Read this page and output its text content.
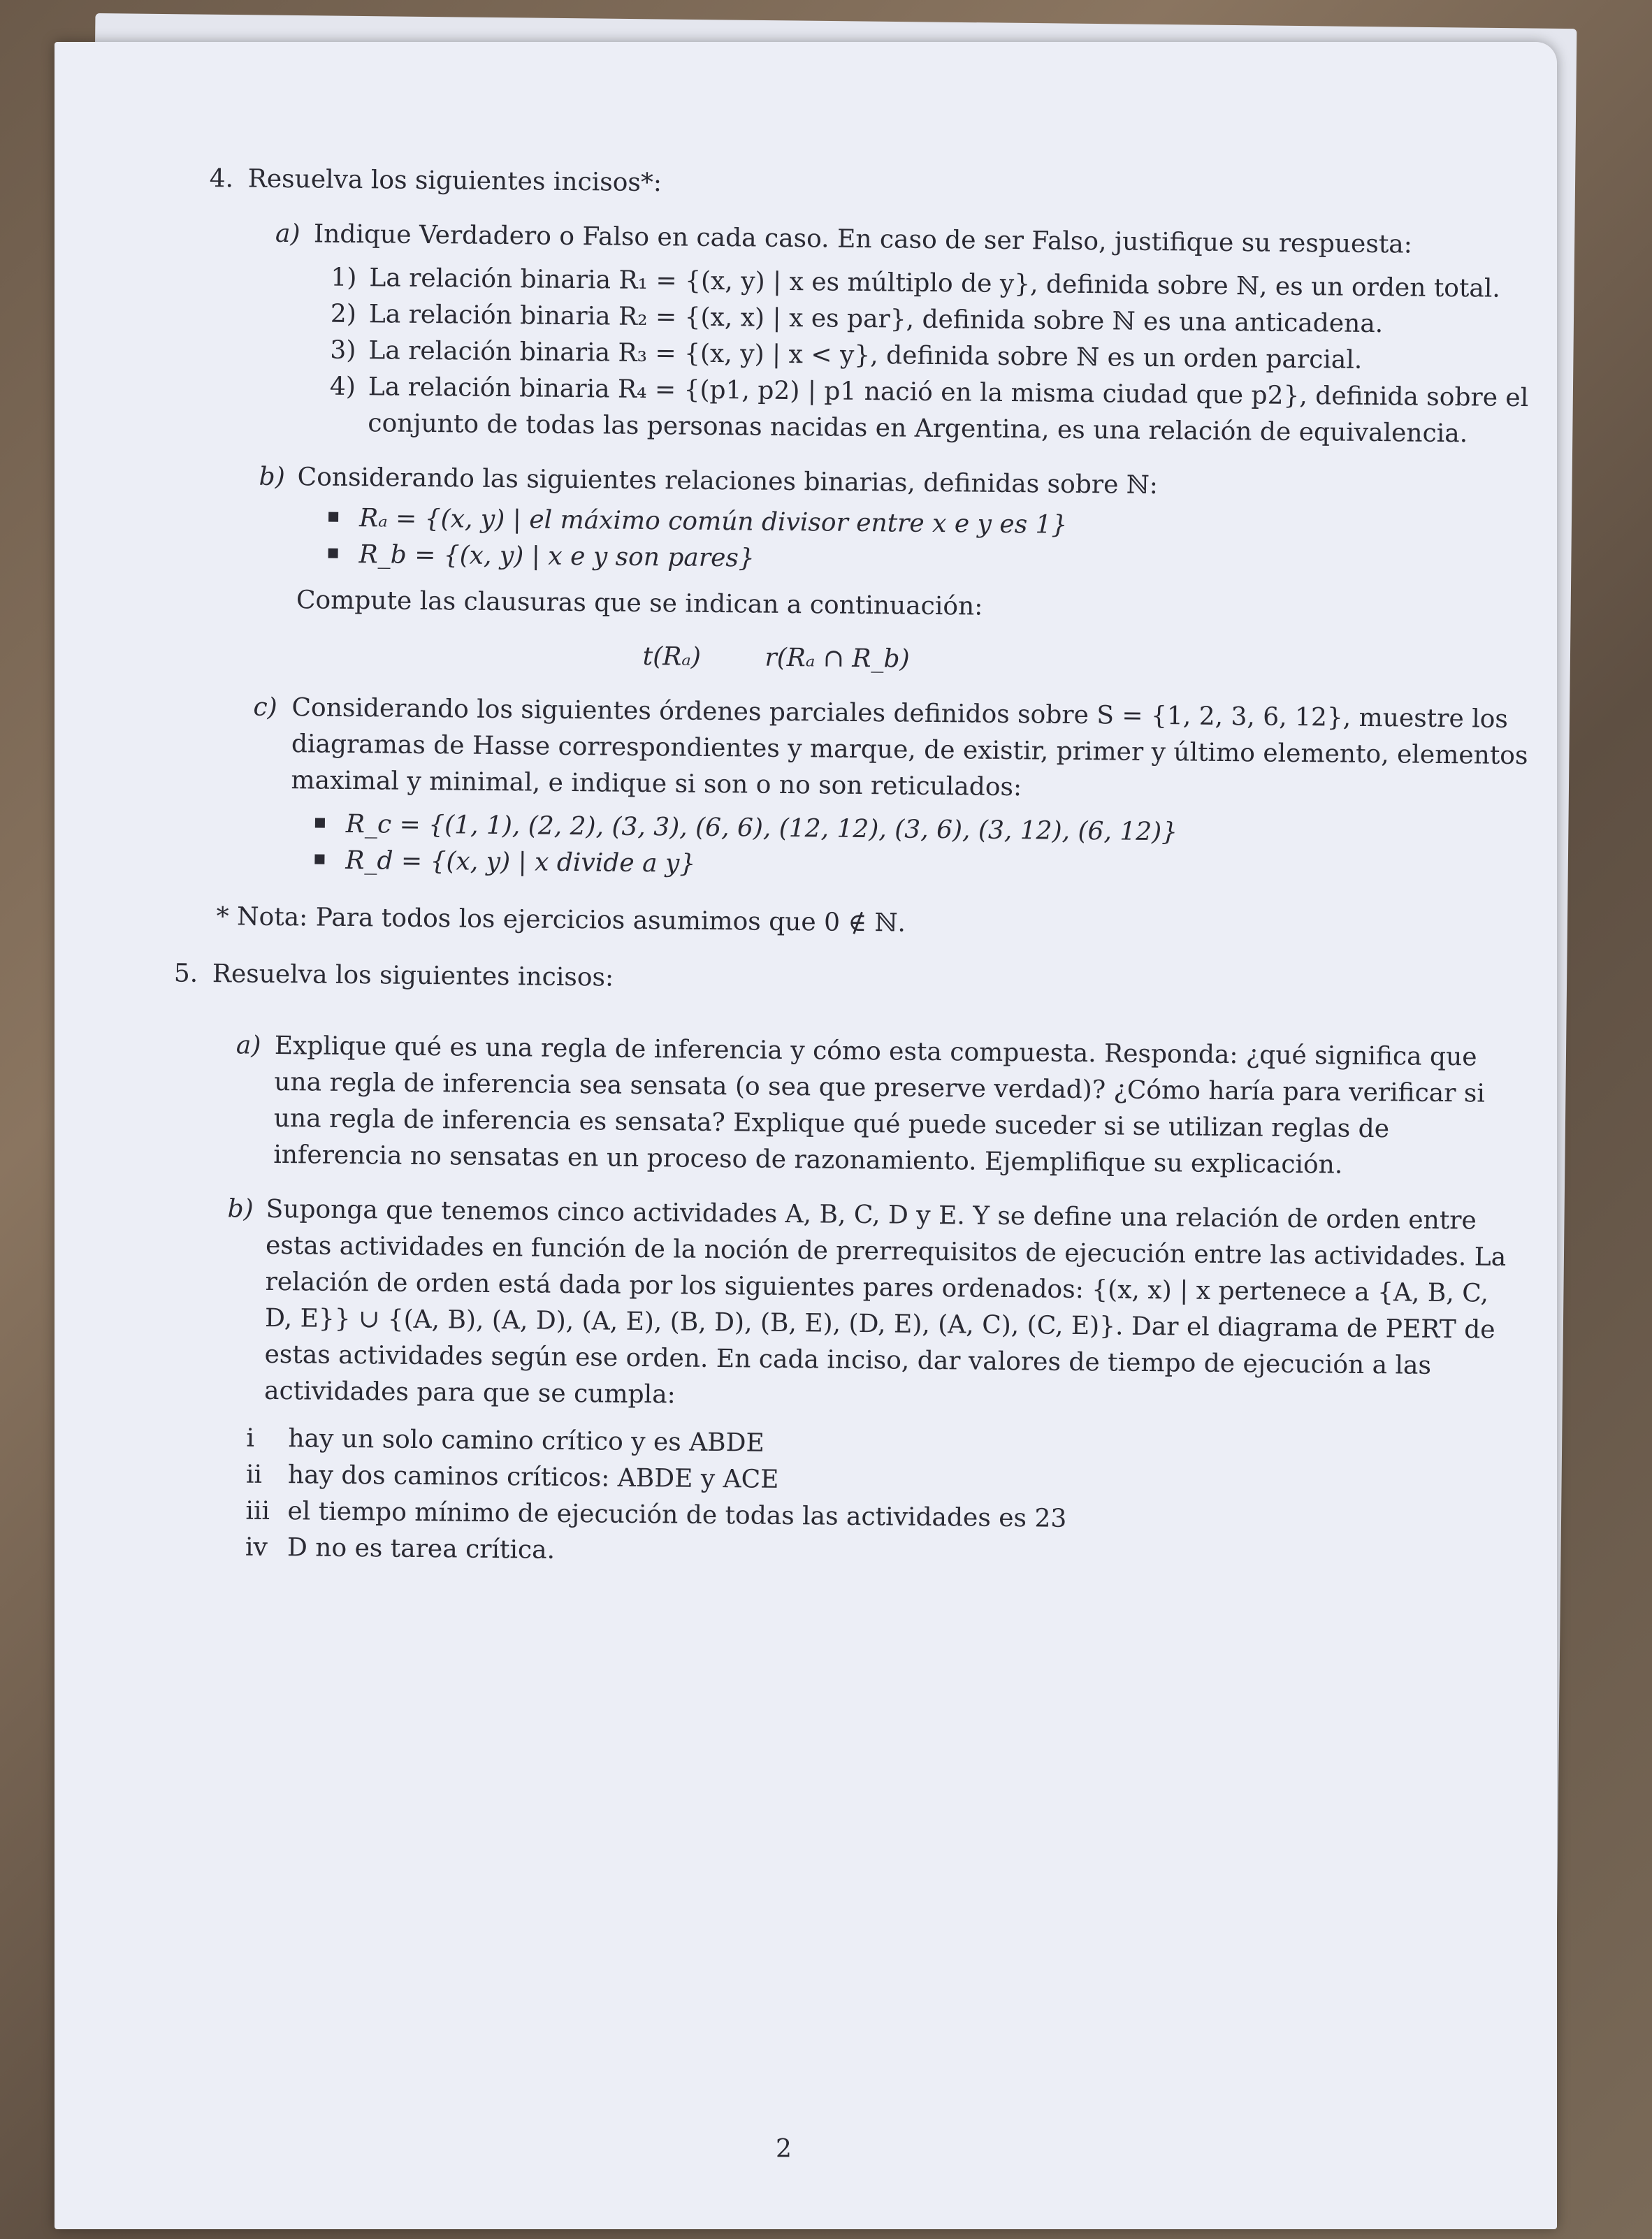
4. Resuelva los siguientes incisos*:
a) Indique Verdadero o Falso en cada caso. En caso de ser Falso, justifique su respuesta:
1) La relación binaria R₁ = {(x, y) | x es múltiplo de y}, definida sobre ℕ, es un orden total.
2) La relación binaria R₂ = {(x, x) | x es par}, definida sobre ℕ es una anticadena.
3) La relación binaria R₃ = {(x, y) | x < y}, definida sobre ℕ es un orden parcial.
4) La relación binaria R₄ = {(p1, p2) | p1 nació en la misma ciudad que p2}, definida sobre el conjunto de todas las personas nacidas en Argentina, es una relación de equivalencia.
b) Considerando las siguientes relaciones binarias, definidas sobre ℕ:
Rₐ = {(x, y) | el máximo común divisor entre x e y es 1}
R_b = {(x, y) | x e y son pares}
Compute las clausuras que se indican a continuación:
t(Rₐ)        r(Rₐ ∩ R_b)
c) Considerando los siguientes órdenes parciales definidos sobre S = {1, 2, 3, 6, 12}, muestre los diagramas de Hasse correspondientes y marque, de existir, primer y último elemento, elementos maximal y minimal, e indique si son o no son reticulados:
R_c = {(1, 1), (2, 2), (3, 3), (6, 6), (12, 12), (3, 6), (3, 12), (6, 12)}
R_d = {(x, y) | x divide a y}
* Nota: Para todos los ejercicios asumimos que 0 ∉ ℕ.
5. Resuelva los siguientes incisos:
a) Explique qué es una regla de inferencia y cómo esta compuesta. Responda: ¿qué significa que una regla de inferencia sea sensata (o sea que preserve verdad)? ¿Cómo haría para verificar si una regla de inferencia es sensata? Explique qué puede suceder si se utilizan reglas de inferencia no sensatas en un proceso de razonamiento. Ejemplifique su explicación.
b) Suponga que tenemos cinco actividades A, B, C, D y E. Y se define una relación de orden entre estas actividades en función de la noción de prerrequisitos de ejecución entre las actividades. La relación de orden está dada por los siguientes pares ordenados: {(x, x) | x pertenece a {A, B, C, D, E}} ∪ {(A, B), (A, D), (A, E), (B, D), (B, E), (D, E), (A, C), (C, E)}. Dar el diagrama de PERT de estas actividades según ese orden. En cada inciso, dar valores de tiempo de ejecución a las actividades para que se cumpla:
i	hay un solo camino crítico y es ABDE
ii	hay dos caminos críticos: ABDE y ACE
iii el tiempo mínimo de ejecución de todas las actividades es 23
iv D no es tarea crítica.
2
